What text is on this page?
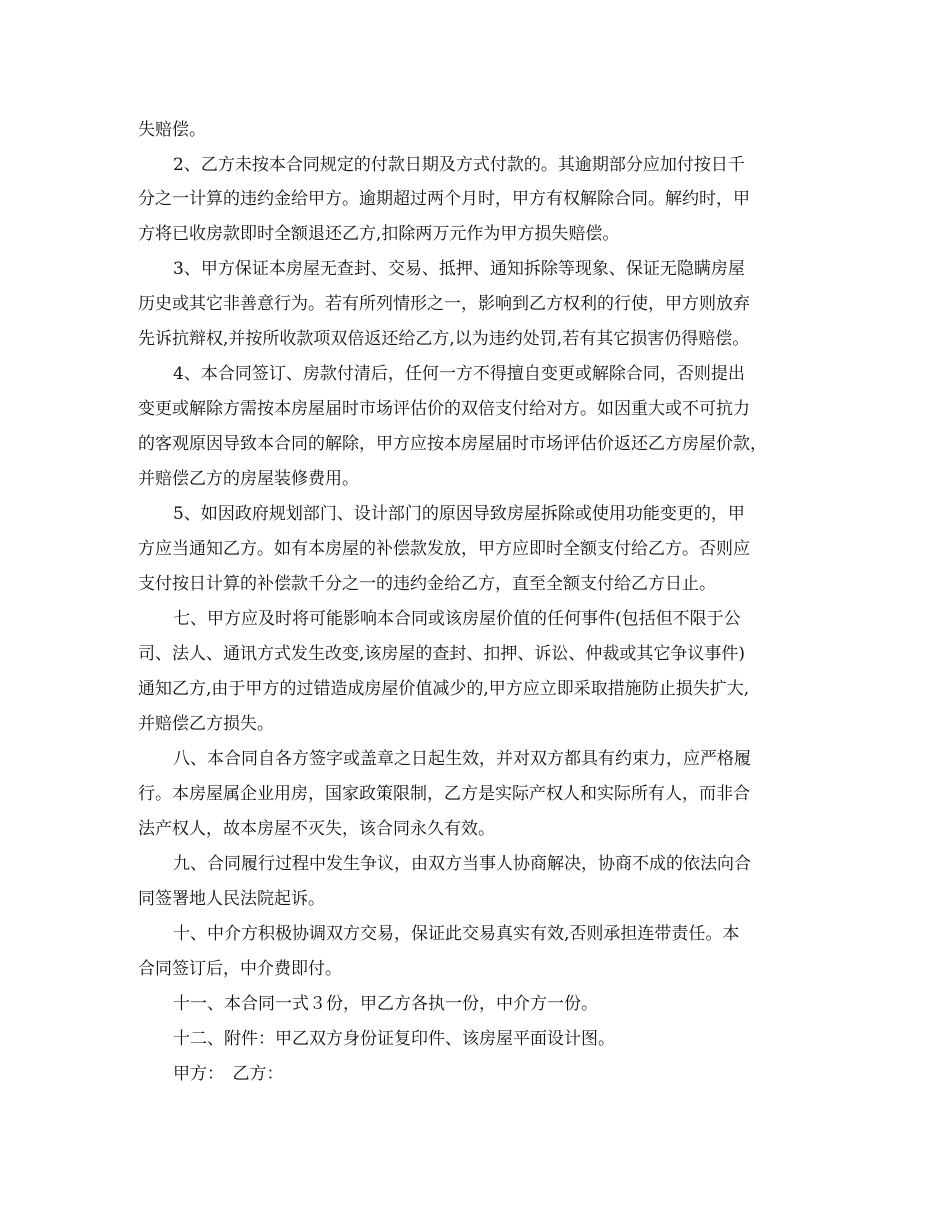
失赔偿。
2、乙方未按本合同规定的付款日期及方式付款的。其逾期部分应加付按日千
分之一计算的违约金给甲方。逾期超过两个月时，甲方有权解除合同。解约时，甲
方将已收房款即时全额退还乙方,扣除两万元作为甲方损失赔偿。
3、甲方保证本房屋无查封、交易、抵押、通知拆除等现象、保证无隐瞒房屋
历史或其它非善意行为。若有所列情形之一，影响到乙方权利的行使，甲方则放弃
先诉抗辩权,并按所收款项双倍返还给乙方,以为违约处罚,若有其它损害仍得赔偿。
4、本合同签订、房款付清后，任何一方不得擅自变更或解除合同，否则提出
变更或解除方需按本房屋届时市场评估价的双倍支付给对方。如因重大或不可抗力
的客观原因导致本合同的解除，甲方应按本房屋届时市场评估价返还乙方房屋价款，
并赔偿乙方的房屋装修费用。
5、如因政府规划部门、设计部门的原因导致房屋拆除或使用功能变更的，甲
方应当通知乙方。如有本房屋的补偿款发放，甲方应即时全额支付给乙方。否则应
支付按日计算的补偿款千分之一的违约金给乙方，直至全额支付给乙方日止。
七、甲方应及时将可能影响本合同或该房屋价值的任何事件(包括但不限于公
司、法人、通讯方式发生改变,该房屋的查封、扣押、诉讼、仲裁或其它争议事件)
通知乙方,由于甲方的过错造成房屋价值减少的,甲方应立即采取措施防止损失扩大,
并赔偿乙方损失。
八、本合同自各方签字或盖章之日起生效，并对双方都具有约束力，应严格履
行。本房屋属企业用房，国家政策限制，乙方是实际产权人和实际所有人，而非合
法产权人，故本房屋不灭失，该合同永久有效。
九、合同履行过程中发生争议，由双方当事人协商解决，协商不成的依法向合
同签署地人民法院起诉。
十、中介方积极协调双方交易，保证此交易真实有效,否则承担连带责任。本
合同签订后，中介费即付。
十一、本合同一式３份，甲乙方各执一份，中介方一份。
十二、附件：甲乙双方身份证复印件、该房屋平面设计图。
甲方：　乙方：
